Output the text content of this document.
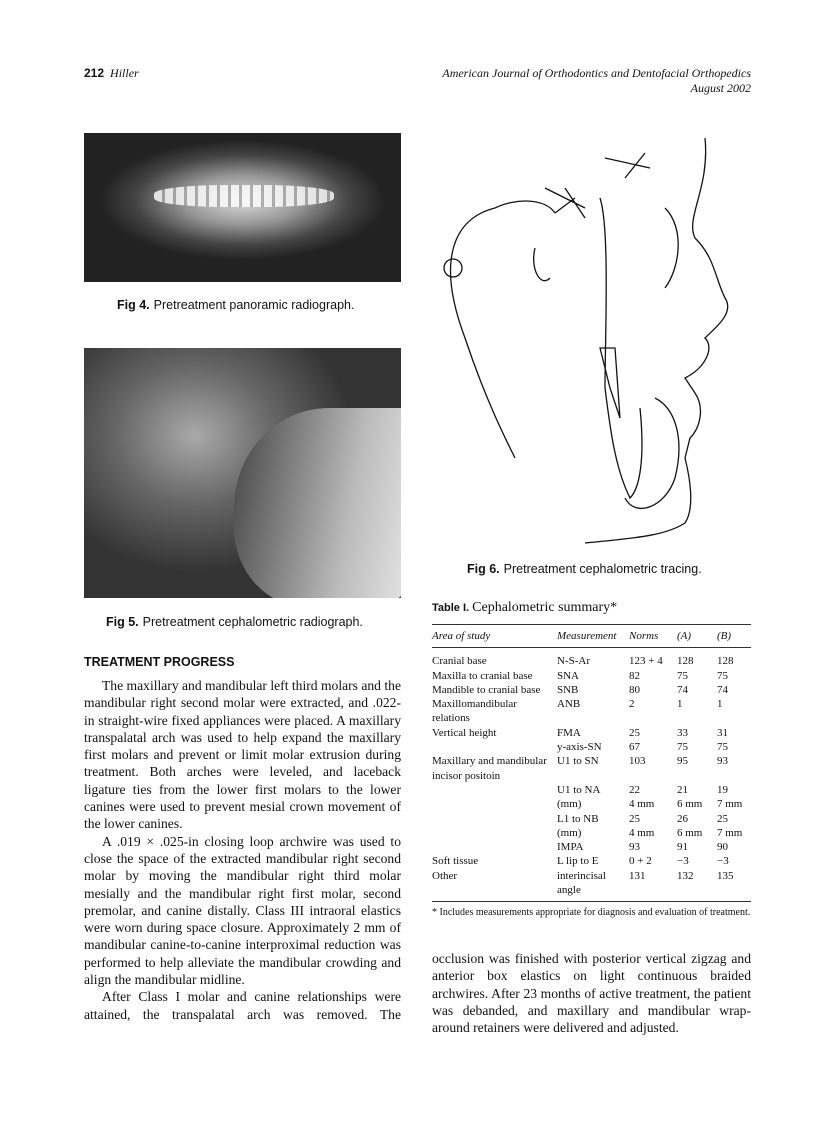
212 Hiller	American Journal of Orthodontics and Dentofacial Orthopedics
August 2002
Fig 4. Pretreatment panoramic radiograph.
Fig 5. Pretreatment cephalometric radiograph.
Fig 6. Pretreatment cephalometric tracing.
Table I. Cephalometric summary*
Area of study	Measurement	Norms	(A)	(B)
Cranial base	N-S-Ar	123 + 4	128	128
Maxilla to cranial base	SNA	82	75	75
Mandible to cranial base	SNB	80	74	74
Maxillomandibular relations	ANB	2	1	1
Vertical height	FMA	25	33	31
	y-axis-SN	67	75	75
Maxillary and mandibular incisor positoin	U1 to SN	103	95	93
	U1 to NA	22	21	19
	(mm)	4 mm	6 mm	7 mm
	L1 to NB	25	26	25
	(mm)	4 mm	6 mm	7 mm
	IMPA	93	91	90
Soft tissue	L lip to E	0 + 2	−3	−3
Other	interincisal angle	131	132	135
* Includes measurements appropriate for diagnosis and evaluation of treatment.
TREATMENT PROGRESS

The maxillary and mandibular left third molars and the mandibular right second molar were extracted, and .022-in straight-wire fixed appliances were placed. A maxillary transpalatal arch was used to help expand the maxillary first molars and prevent or limit molar extrusion during treatment. Both arches were leveled, and laceback ligature ties from the lower first molars to the lower canines were used to prevent mesial crown movement of the lower canines.

A .019 × .025-in closing loop archwire was used to close the space of the extracted mandibular right second molar by moving the mandibular right third molar mesially and the mandibular right first molar, second premolar, and canine distally. Class III intraoral elastics were worn during space closure. Approximately 2 mm of mandibular canine-to-canine interproximal reduction was performed to help alleviate the mandibular crowding and align the mandibular midline.

After Class I molar and canine relationships were attained, the transpalatal arch was removed. The

occlusion was finished with posterior vertical zigzag and anterior box elastics on light continuous braided archwires. After 23 months of active treatment, the patient was debanded, and maxillary and mandibular wrap-around retainers were delivered and adjusted.
